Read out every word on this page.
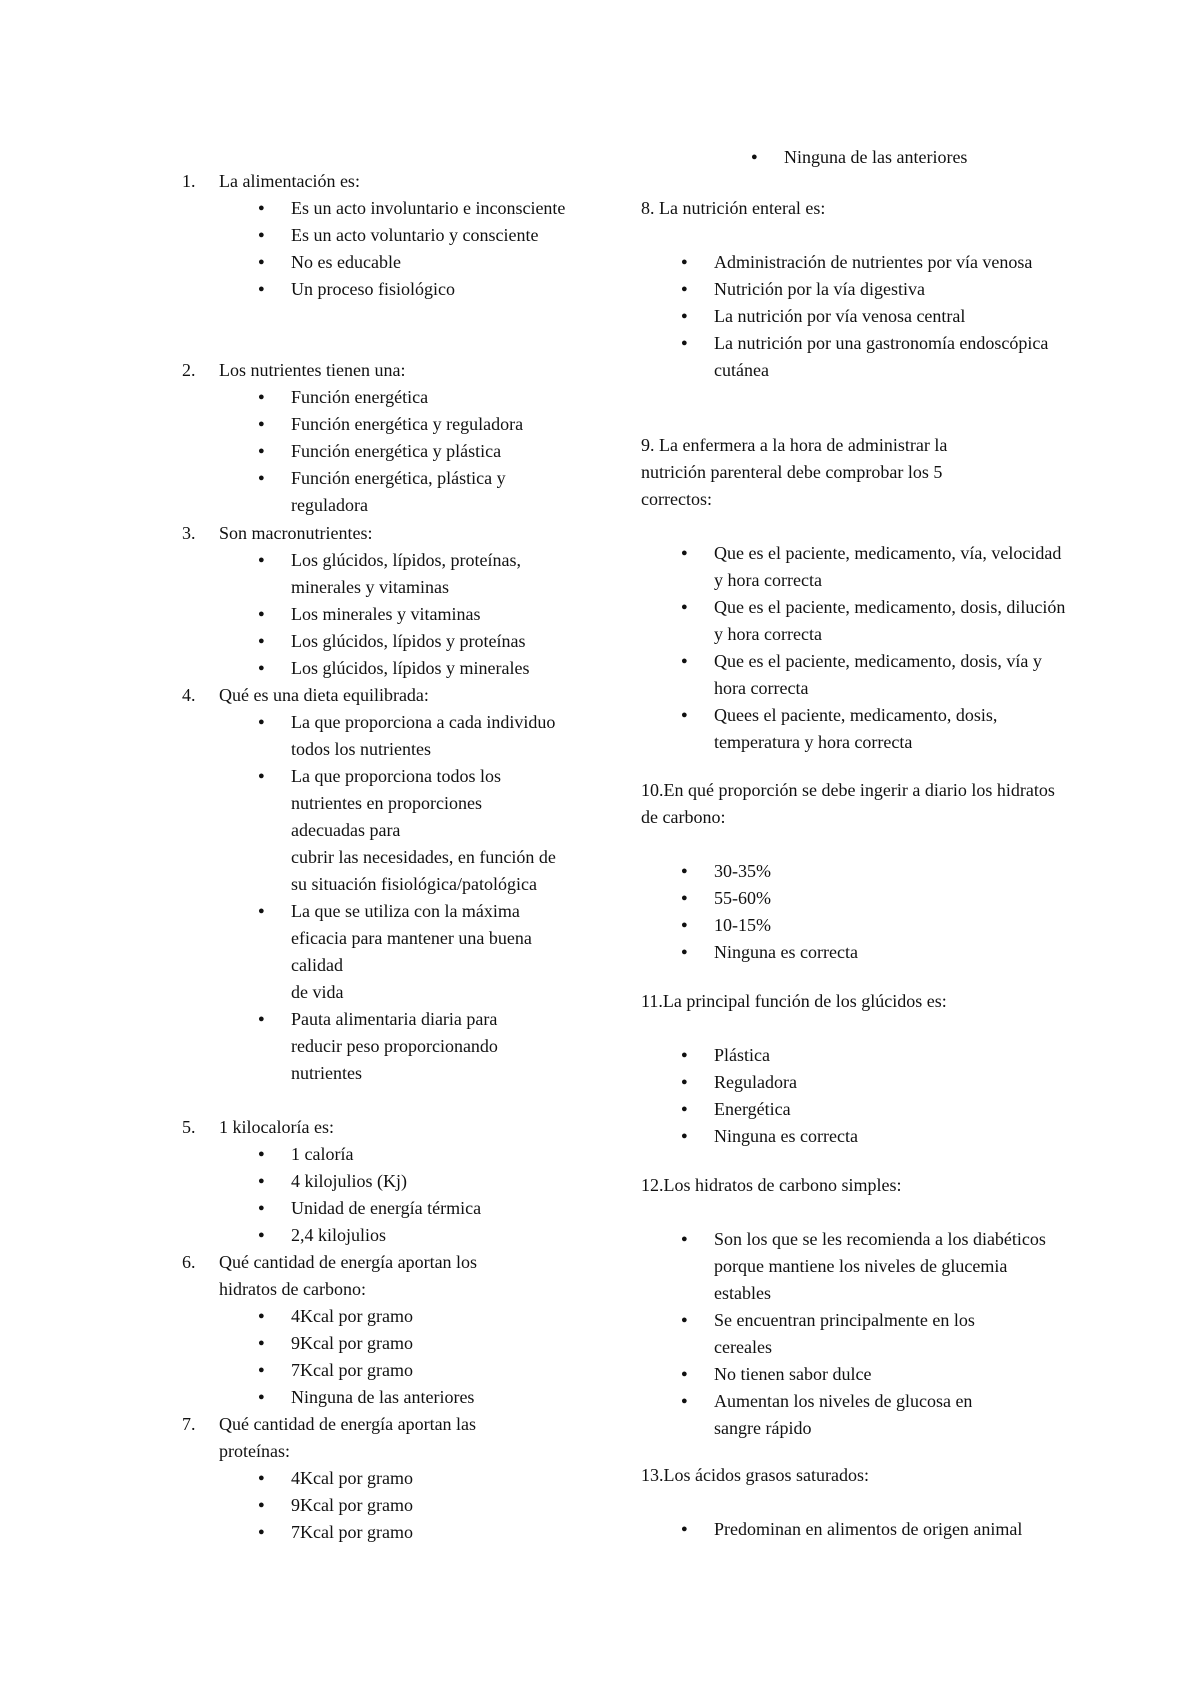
1. La alimentación es:
● Es un acto involuntario e inconsciente
● Es un acto voluntario y consciente
● No es educable
● Un proceso fisiológico
2. Los nutrientes tienen una:
● Función energética
● Función energética y reguladora
● Función energética y plástica
● Función energética, plástica y reguladora
3. Son macronutrientes:
● Los glúcidos, lípidos, proteínas, minerales y vitaminas
● Los minerales y vitaminas
● Los glúcidos, lípidos y proteínas
● Los glúcidos, lípidos y minerales
4. Qué es una dieta equilibrada:
● La que proporciona a cada individuo todos los nutrientes
● La que proporciona todos los nutrientes en proporciones adecuadas para
cubrir las necesidades, en función de su situación fisiológica/patológica
● La que se utiliza con la máxima eficacia para mantener una buena calidad
de vida
● Pauta alimentaria diaria para reducir peso proporcionando nutrientes
5. 1 kilocaloría es:
● 1 caloría
● 4 kilojulios (Kj)
● Unidad de energía térmica
● 2,4 kilojulios
6. Qué cantidad de energía aportan los hidratos de carbono:
● 4Kcal por gramo
● 9Kcal por gramo
● 7Kcal por gramo
● Ninguna de las anteriores
7. Qué cantidad de energía aportan las proteínas:
● 4Kcal por gramo
● 9Kcal por gramo
● 7Kcal por gramo
● Ninguna de las anteriores
8. La nutrición enteral es:
● Administración de nutrientes por vía venosa
● Nutrición por la vía digestiva
● La nutrición por vía venosa central
● La nutrición por una gastronomía endoscópica cutánea
9. La enfermera a la hora de administrar la nutrición parenteral debe comprobar los 5 correctos:
● Que es el paciente, medicamento, vía, velocidad y hora correcta
● Que es el paciente, medicamento, dosis, dilución y hora correcta
● Que es el paciente, medicamento, dosis, vía y hora correcta
● Quees el paciente, medicamento, dosis, temperatura y hora correcta
10.En qué proporción se debe ingerir a diario los hidratos de carbono:
● 30-35%
● 55-60%
● 10-15%
● Ninguna es correcta
11.La principal función de los glúcidos es:
● Plástica
● Reguladora
● Energética
● Ninguna es correcta
12.Los hidratos de carbono simples:
● Son los que se les recomienda a los diabéticos porque mantiene los niveles de glucemia estables
● Se encuentran principalmente en los cereales
● No tienen sabor dulce
● Aumentan los niveles de glucosa en sangre rápido
13.Los ácidos grasos saturados:
● Predominan en alimentos de origen animal
